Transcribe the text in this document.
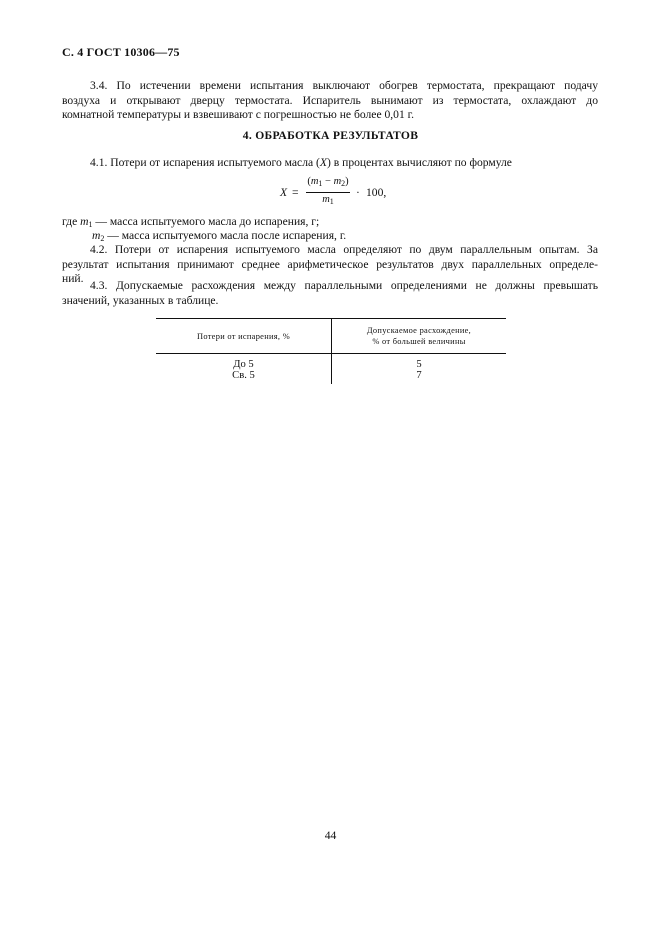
С. 4 ГОСТ 10306—75
3.4. По истечении времени испытания выключают обогрев термостата, прекращают подачу
воздуха и открывают дверцу термостата. Испаритель вынимают из термостата, охлаждают до
комнатной температуры и взвешивают с погрешностью не более 0,01 г.
4. ОБРАБОТКА РЕЗУЛЬТАТОВ
4.1. Потери от испарения испытуемого масла (X) в процентах вычисляют по формуле
X =
$(m_1 - m_2)$
$m_1$
· 100,
где $m_1$ — масса испытуемого масла до испарения, г;
$m_2$ — масса испытуемого масла после испарения, г.
4.2. Потери от испарения испытуемого масла определяют по двум параллельным опытам. За
результат испытания принимают среднее арифметическое результатов двух параллельных определе-
ний.
4.3. Допускаемые расхождения между параллельными определениями не должны превышать
значений, указанных в таблице.
Потери от испарения, %
Допускаемое расхождение,
% от большей величины
До 5	5
Св. 5	7
44
